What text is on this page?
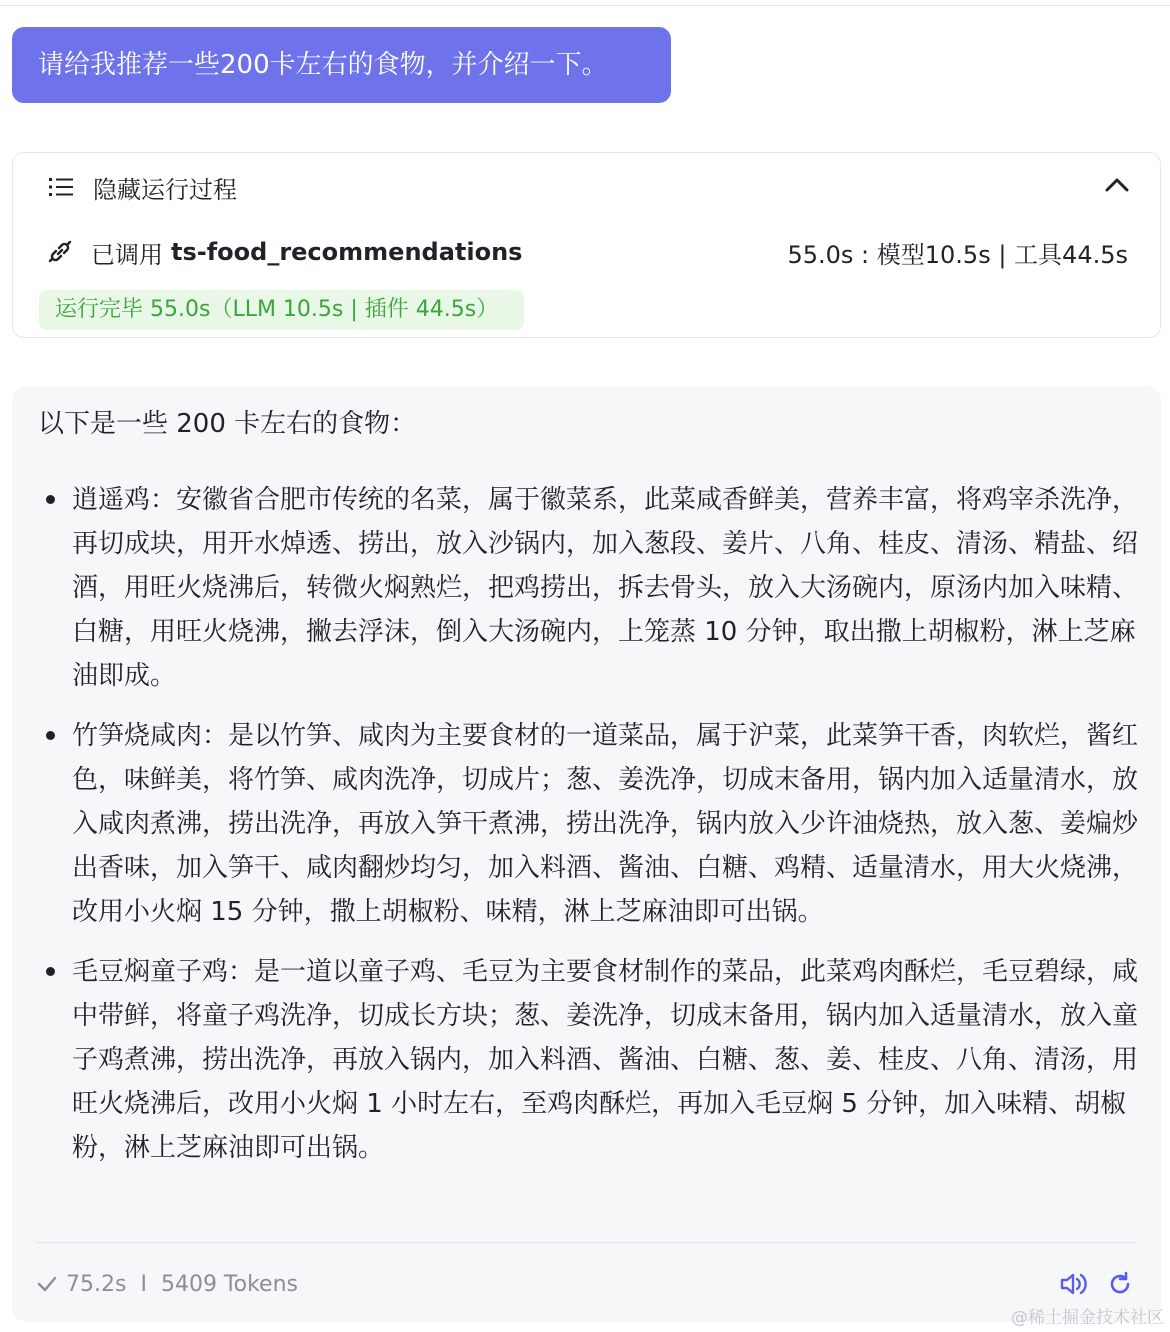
请给我推荐一些200卡左右的食物，并介绍一下。
隐藏运行过程
已调用 ts-food_recommendations	55.0s : 模型10.5s | 工具44.5s
运行完毕 55.0s（LLM 10.5s | 插件 44.5s）
以下是一些 200 卡左右的食物：
逍遥鸡：安徽省合肥市传统的名菜，属于徽菜系，此菜咸香鲜美，营养丰富，将鸡宰杀洗净，再切成块，用开水焯透、捞出，放入沙锅内，加入葱段、姜片、八角、桂皮、清汤、精盐、绍酒，用旺火烧沸后，转微火焖熟烂，把鸡捞出，拆去骨头，放入大汤碗内，原汤内加入味精、白糖，用旺火烧沸，撇去浮沫，倒入大汤碗内，上笼蒸 10 分钟，取出撒上胡椒粉，淋上芝麻油即成。
竹笋烧咸肉：是以竹笋、咸肉为主要食材的一道菜品，属于沪菜，此菜笋干香，肉软烂，酱红色，味鲜美，将竹笋、咸肉洗净，切成片；葱、姜洗净，切成末备用，锅内加入适量清水，放入咸肉煮沸，捞出洗净，再放入笋干煮沸，捞出洗净，锅内放入少许油烧热，放入葱、姜煸炒出香味，加入笋干、咸肉翻炒均匀，加入料酒、酱油、白糖、鸡精、适量清水，用大火烧沸，改用小火焖 15 分钟，撒上胡椒粉、味精，淋上芝麻油即可出锅。
毛豆焖童子鸡：是一道以童子鸡、毛豆为主要食材制作的菜品，此菜鸡肉酥烂，毛豆碧绿，咸中带鲜，将童子鸡洗净，切成长方块；葱、姜洗净，切成末备用，锅内加入适量清水，放入童子鸡煮沸，捞出洗净，再放入锅内，加入料酒、酱油、白糖、葱、姜、桂皮、八角、清汤，用旺火烧沸后，改用小火焖 1 小时左右，至鸡肉酥烂，再加入毛豆焖 5 分钟，加入味精、胡椒粉，淋上芝麻油即可出锅。
75.2s I 5409 Tokens
@稀土掘金技术社区
